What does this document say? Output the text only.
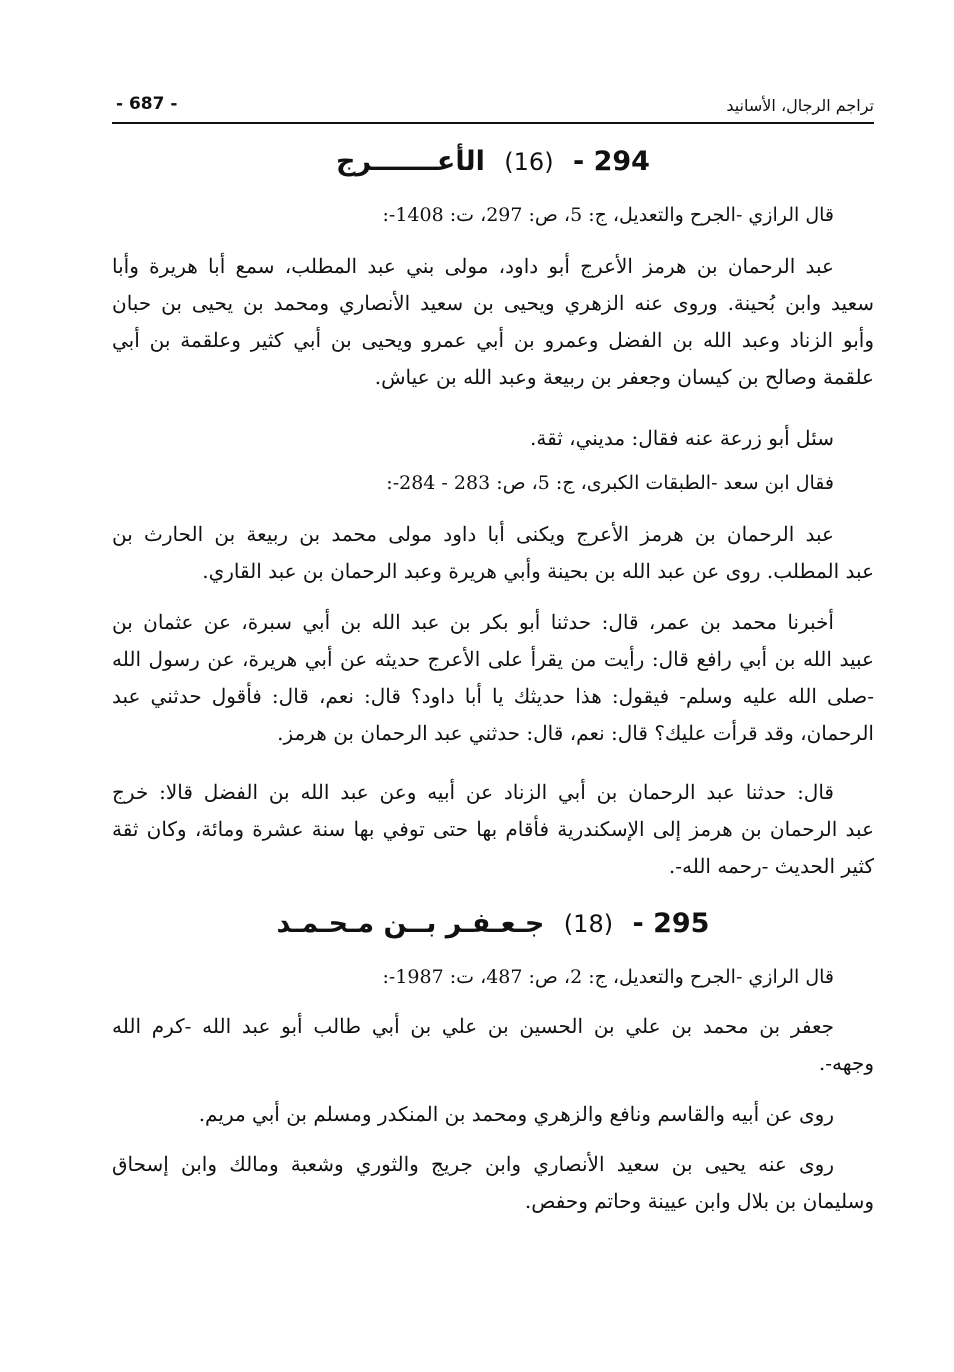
تراجم الرجال، الأسانيد
- 687 -
294 - (16) الأعـــــــرج
قال الرازي -الجرح والتعديل، ج: 5، ص: 297، ت: 1408-:
عبد الرحمان بن هرمز الأعرج أبو داود، مولى بني عبد المطلب، سمع أبا هريرة وأبا
سعيد وابن بُحينة. وروى عنه الزهري ويحيى بن سعيد الأنصاري ومحمد بن يحيى بن حبان
وأبو الزناد وعبد الله بن الفضل وعمرو بن أبي عمرو ويحيى بن أبي كثير وعلقمة بن أبي
علقمة وصالح بن كيسان وجعفر بن ربيعة وعبد الله بن عياش.
سئل أبو زرعة عنه فقال: مديني، ثقة.
فقال ابن سعد -الطبقات الكبرى، ج: 5، ص: 283 - 284-:
عبد الرحمان بن هرمز الأعرج ويكنى أبا داود مولى محمد بن ربيعة بن الحارث بن
عبد المطلب. روى عن عبد الله بن بحينة وأبي هريرة وعبد الرحمان بن عبد القاري.
أخبرنا محمد بن عمر، قال: حدثنا أبو بكر بن عبد الله بن أبي سبرة، عن عثمان بن
عبيد الله بن أبي رافع قال: رأيت من يقرأ على الأعرج حديثه عن أبي هريرة، عن رسول الله
-صلى الله عليه وسلم- فيقول: هذا حديثك يا أبا داود؟ قال: نعم، قال: فأقول حدثني عبد
الرحمان، وقد قرأت عليك؟ قال: نعم، قال: حدثني عبد الرحمان بن هرمز.
قال: حدثنا عبد الرحمان بن أبي الزناد عن أبيه وعن عبد الله بن الفضل قالا: خرج
عبد الرحمان بن هرمز إلى الإسكندرية فأقام بها حتى توفي بها سنة عشرة ومائة، وكان ثقة
كثير الحديث -رحمه الله-.
295 - (18) جـعـفـر بــن مـحـمـد
قال الرازي -الجرح والتعديل، ج: 2، ص: 487، ت: 1987-:
جعفر بن محمد بن علي بن الحسين بن علي بن أبي طالب أبو عبد الله -كرم الله
وجهه-.
روى عن أبيه والقاسم ونافع والزهري ومحمد بن المنكدر ومسلم بن أبي مريم.
روى عنه يحيى بن سعيد الأنصاري وابن جريج والثوري وشعبة ومالك وابن إسحاق
وسليمان بن بلال وابن عيينة وحاتم وحفص.
